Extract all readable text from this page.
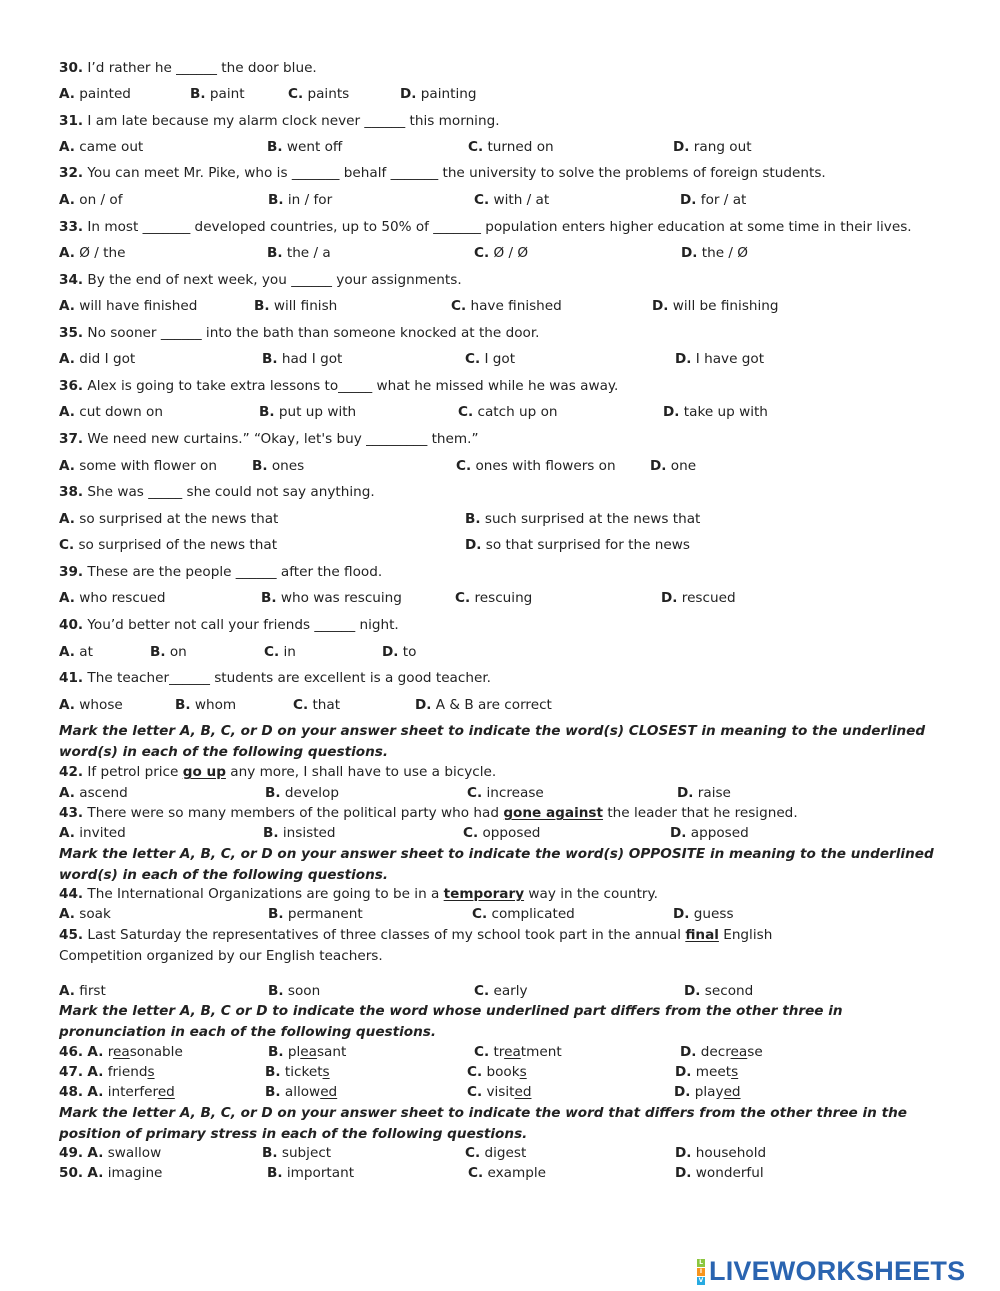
30. I’d rather he ______ the door blue.
A. painted	B. paint	C. paints	D. painting
31. I am late because my alarm clock never ______ this morning.
A. came out	B. went off	C. turned on	D. rang out
32. You can meet Mr. Pike, who is _______ behalf _______ the university to solve the problems of foreign students.
A. on / of	B. in / for	C. with / at	D. for / at
33. In most _______ developed countries, up to 50% of _______ population enters higher education at some time in their lives.
A. Ø / the	B. the / a	C. Ø / Ø	D. the / Ø
34. By the end of next week, you ______ your assignments.
A. will have finished	B. will finish	C. have finished	D. will be finishing
35. No sooner ______ into the bath than someone knocked at the door.
A. did I got	B. had I got	C. I got	D. I have got
36. Alex is going to take extra lessons to_____ what he missed while he was away.
A. cut down on	B. put up with	C. catch up on	D. take up with
37. We need new curtains.” “Okay, let's buy _________ them.”
A. some with flower on	B. ones	C. ones with flowers on	D. one
38. She was _____ she could not say anything.
A. so surprised at the news that	B. such surprised at the news that
C. so surprised of the news that	D. so that surprised for the news
39. These are the people ______ after the flood.
A. who rescued	B. who was rescuing	C. rescuing	D. rescued
40. You’d better not call your friends ______ night.
A. at	B. on	C. in	D. to
41. The teacher______ students are excellent is a good teacher.
A. whose	B. whom	C. that	D. A & B are correct
Mark the letter A, B, C, or D on your answer sheet to indicate the word(s) CLOSEST in meaning to the underlined word(s) in each of the following questions.
42. If petrol price go up any more, I shall have to use a bicycle.
A. ascend	B. develop	C. increase	D. raise
43. There were so many members of the political party who had gone against the leader that he resigned.
A. invited	B. insisted	C. opposed	D. apposed
Mark the letter A, B, C, or D on your answer sheet to indicate the word(s) OPPOSITE in meaning to the underlined word(s) in each of the following questions.
44. The International Organizations are going to be in a temporary way in the country.
A. soak	B. permanent	C. complicated	D. guess
45. Last Saturday the representatives of three classes of my school took part in the annual final English
Competition organized by our English teachers.
A. first	B. soon	C. early	D. second
Mark the letter A, B, C or D to indicate the word whose underlined part differs from the other three in pronunciation in each of the following questions.
46. A. reasonable	B. pleasant	C. treatment	D. decrease
47. A. friends	B. tickets	C. books	D. meets
48. A. interfered	B. allowed	C. visited	D. played
Mark the letter A, B, C, or D on your answer sheet to indicate the word that differs from the other three in the position of primary stress in each of the following questions.
49. A. swallow	B. subject	C. digest	D. household
50. A. imagine	B. important	C. example	D. wonderful
L
I
V LIVEWORKSHEETS
